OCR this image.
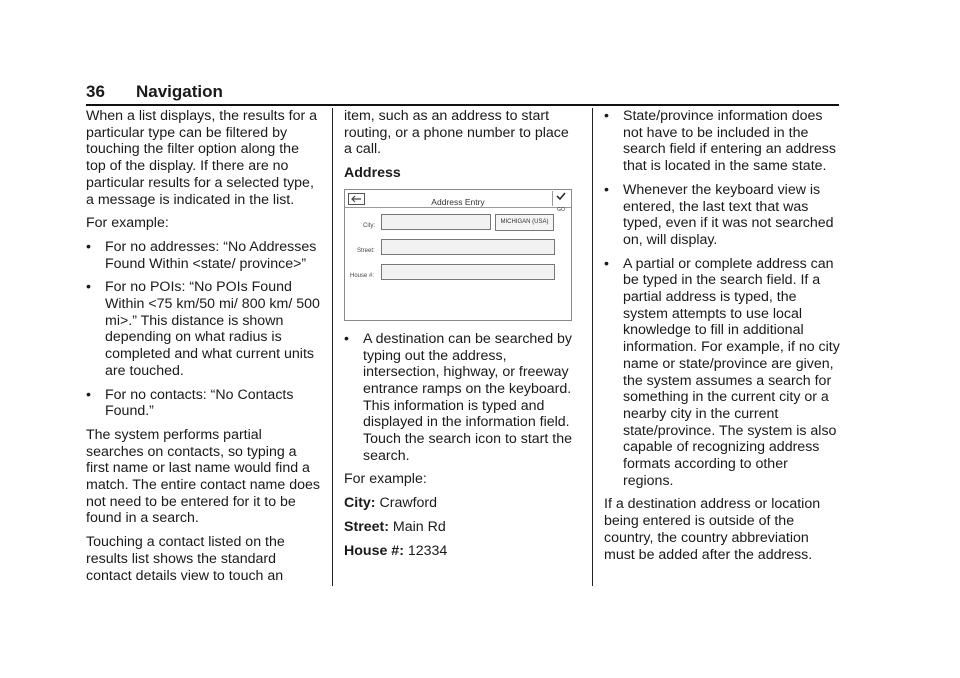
36 Navigation

When a list displays, the results for a particular type can be filtered by touching the filter option along the top of the display. If there are no particular results for a selected type, a message is indicated in the list.

For example:

• For no addresses: “No Addresses Found Within <state/ province>”
• For no POIs: “No POIs Found Within <75 km/50 mi/ 800 km/ 500 mi>.” This distance is shown depending on what radius is completed and what current units are touched.
• For no contacts: “No Contacts Found.”

The system performs partial searches on contacts, so typing a first name or last name would find a match. The entire contact name does not need to be entered for it to be found in a search.

Touching a contact listed on the results list shows the standard contact details view to touch an

item, such as an address to start routing, or a phone number to place a call.

Address

Address Entry
GO
City:
MICHIGAN (USA)
Street:
House #:
• A destination can be searched by typing out the address, intersection, highway, or freeway entrance ramps on the keyboard. This information is typed and displayed in the information field. Touch the search icon to start the search.

For example:

City: Crawford

Street: Main Rd

House #: 12334

• State/province information does not have to be included in the search field if entering an address that is located in the same state.
• Whenever the keyboard view is entered, the last text that was typed, even if it was not searched on, will display.
• A partial or complete address can be typed in the search field. If a partial address is typed, the system attempts to use local knowledge to fill in additional information. For example, if no city name or state/province are given, the system assumes a search for something in the current city or a nearby city in the current state/province. The system is also capable of recognizing address formats according to other regions.

If a destination address or location being entered is outside of the country, the country abbreviation must be added after the address.
